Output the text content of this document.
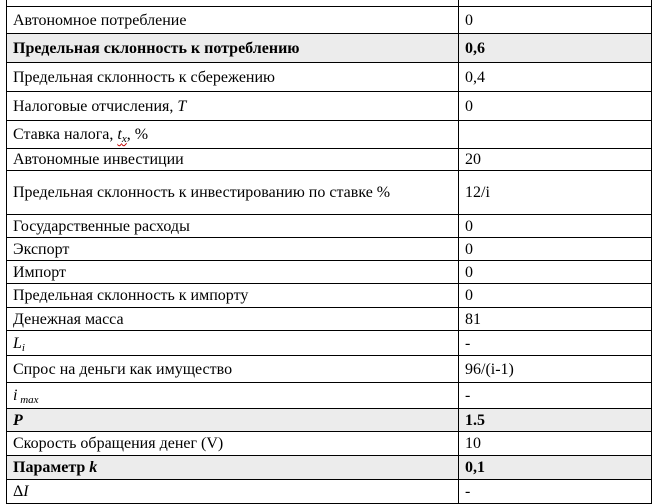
Автономное потребление	0
Предельная склонность к потреблению	0,6
Предельная склонность к сбережению	0,4
Налоговые отчисления, T	0
Ставка налога, $t_x$, %	
Автономные инвестиции	20
Предельная склонность к инвестированию по ставке %	12/i
Государственные расходы	0
Экспорт	0
Импорт	0
Предельная склонность к импорту	0
Денежная масса	81
$L_i$	-
Спрос на деньги как имущество	96/(i-1)
i $_{max}$	-
P	1.5
Скорость обращения денег (V)	10
Параметр k	0,1
ΔI	-
